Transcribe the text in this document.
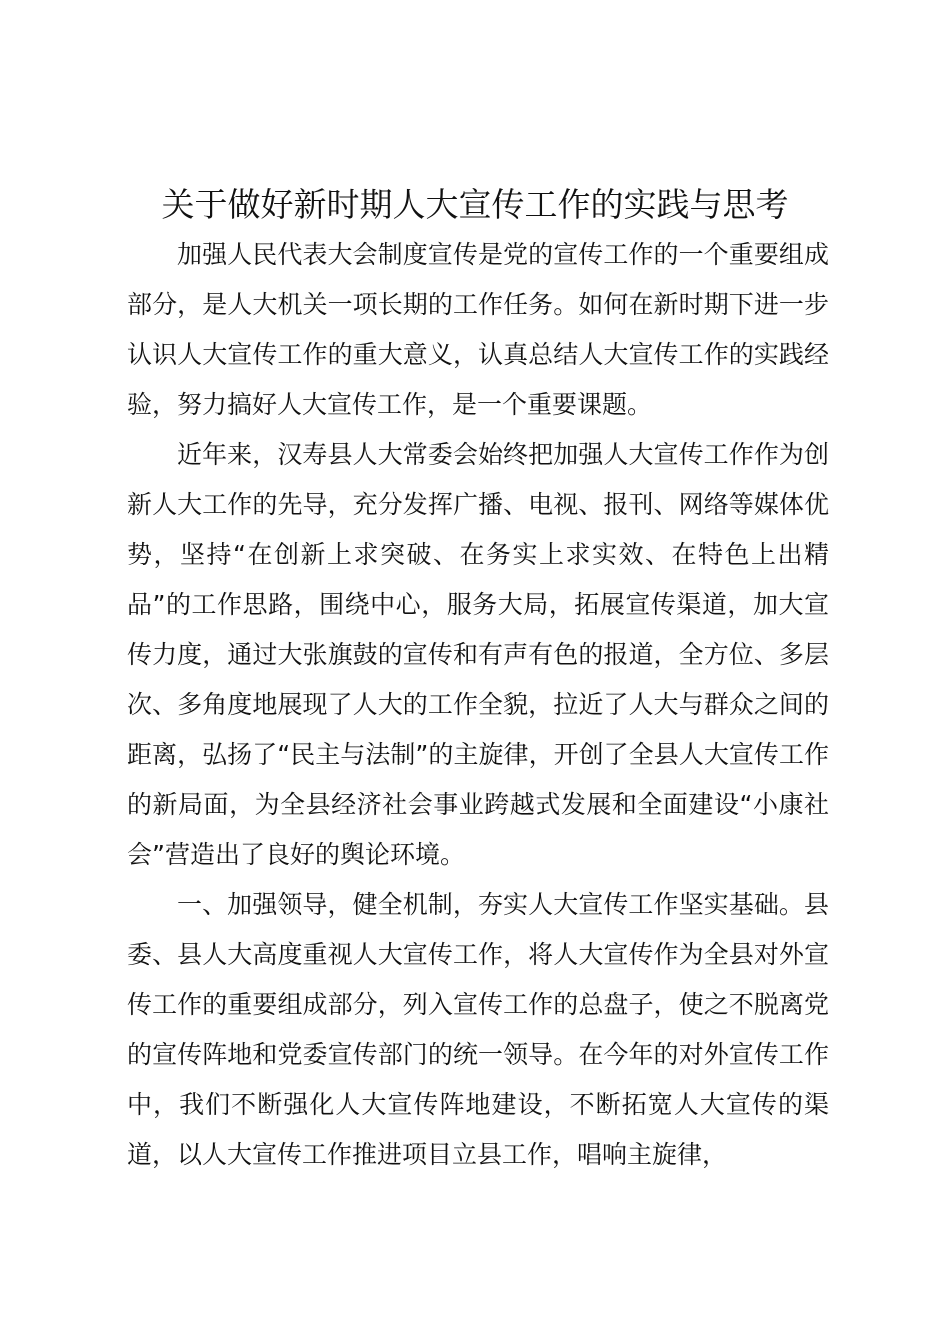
关于做好新时期人大宣传工作的实践与思考

加强人民代表大会制度宣传是党的宣传工作的一个重要组成部分，是人大机关一项长期的工作任务。如何在新时期下进一步认识人大宣传工作的重大意义，认真总结人大宣传工作的实践经验，努力搞好人大宣传工作，是一个重要课题。

近年来，汉寿县人大常委会始终把加强人大宣传工作作为创新人大工作的先导，充分发挥广播、电视、报刊、网络等媒体优势，坚持“在创新上求突破、在务实上求实效、在特色上出精品”的工作思路，围绕中心，服务大局，拓展宣传渠道，加大宣传力度，通过大张旗鼓的宣传和有声有色的报道，全方位、多层次、多角度地展现了人大的工作全貌，拉近了人大与群众之间的距离，弘扬了“民主与法制”的主旋律，开创了全县人大宣传工作的新局面，为全县经济社会事业跨越式发展和全面建设“小康社会”营造出了良好的舆论环境。

一、加强领导，健全机制，夯实人大宣传工作坚实基础。县委、县人大高度重视人大宣传工作，将人大宣传作为全县对外宣传工作的重要组成部分，列入宣传工作的总盘子，使之不脱离党的宣传阵地和党委宣传部门的统一领导。在今年的对外宣传工作中，我们不断强化人大宣传阵地建设，不断拓宽人大宣传的渠道，以人大宣传工作推进项目立县工作，唱响主旋律，
